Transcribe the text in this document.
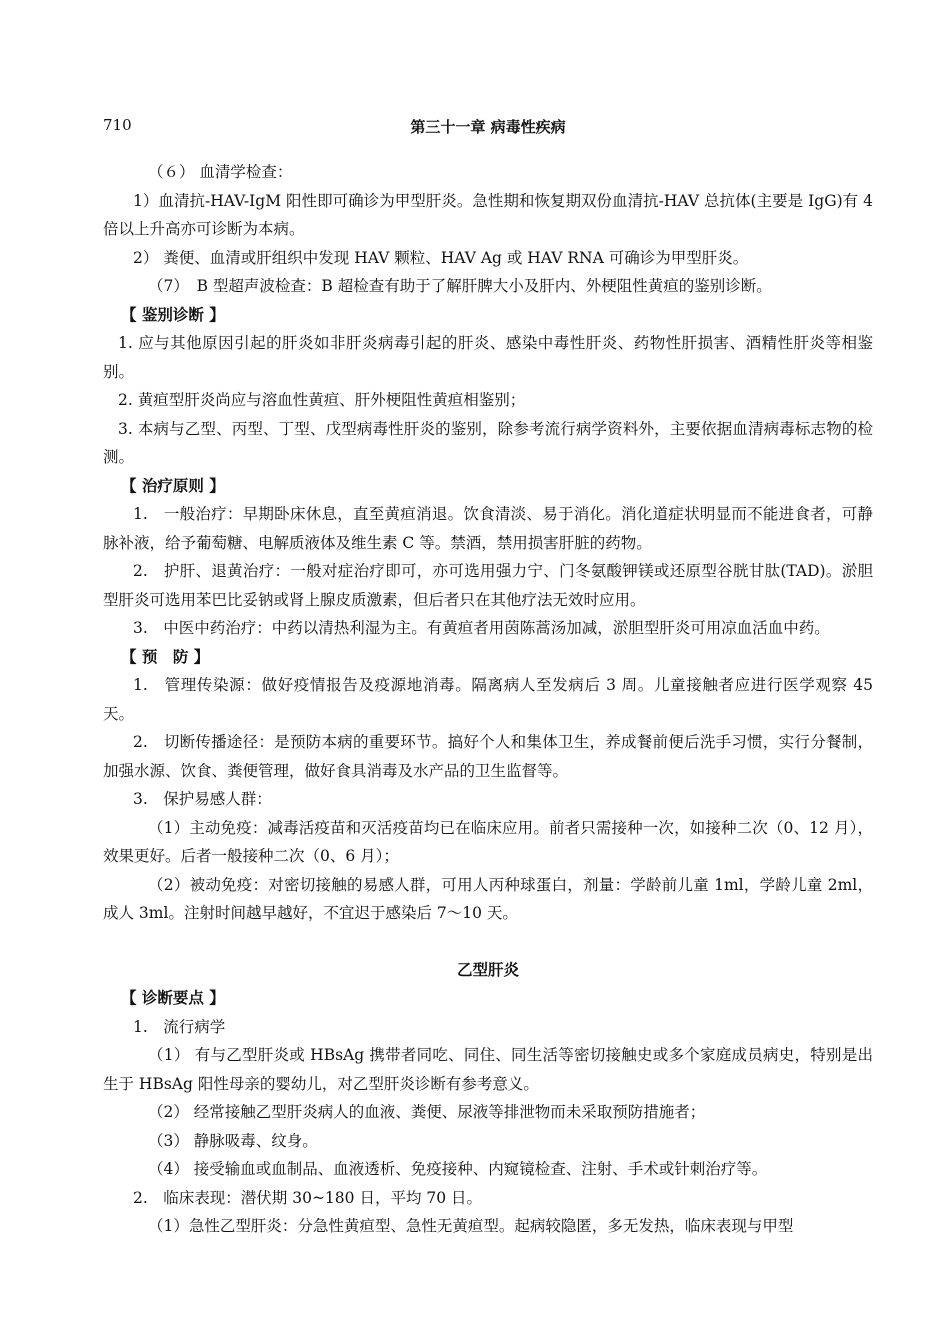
710	第三十一章 病毒性疾病

（６） 血清学检查：

1）血清抗-HAV-IgM 阳性即可确诊为甲型肝炎。急性期和恢复期双份血清抗-HAV 总抗体(主要是 IgG)有 4 倍以上升高亦可诊断为本病。

2） 粪便、血清或肝组织中发现 HAV 颗粒、HAV Ag 或 HAV RNA 可确诊为甲型肝炎。

（7）　B 型超声波检查：B 超检查有助于了解肝脾大小及肝内、外梗阻性黄疸的鉴别诊断。

【 鉴别诊断 】

1. 应与其他原因引起的肝炎如非肝炎病毒引起的肝炎、感染中毒性肝炎、药物性肝损害、酒精性肝炎等相鉴别。

2. 黄疸型肝炎尚应与溶血性黄疸、肝外梗阻性黄疸相鉴别；

3. 本病与乙型、丙型、丁型、戊型病毒性肝炎的鉴别，除参考流行病学资料外，主要依据血清病毒标志物的检测。

【 治疗原则 】

1.　一般治疗：早期卧床休息，直至黄疸消退。饮食清淡、易于消化。消化道症状明显而不能进食者，可静脉补液，给予葡萄糖、电解质液体及维生素 C 等。禁酒，禁用损害肝脏的药物。

2.　护肝、退黄治疗：一般对症治疗即可，亦可选用强力宁、门冬氨酸钾镁或还原型谷胱甘肽(TAD)。淤胆型肝炎可选用苯巴比妥钠或肾上腺皮质激素，但后者只在其他疗法无效时应用。

3.　中医中药治疗：中药以清热利湿为主。有黄疸者用茵陈蒿汤加减，淤胆型肝炎可用凉血活血中药。

【 预　防 】

1.　管理传染源：做好疫情报告及疫源地消毒。隔离病人至发病后 3 周。儿童接触者应进行医学观察 45 天。

2.　切断传播途径：是预防本病的重要环节。搞好个人和集体卫生，养成餐前便后洗手习惯，实行分餐制，加强水源、饮食、粪便管理，做好食具消毒及水产品的卫生监督等。

3.　保护易感人群：

（1）主动免疫：减毒活疫苗和灭活疫苗均已在临床应用。前者只需接种一次，如接种二次（0、12 月），效果更好。后者一般接种二次（0、6 月）；

（2）被动免疫：对密切接触的易感人群，可用人丙种球蛋白，剂量：学龄前儿童 1ml，学龄儿童 2ml，成人 3ml。注射时间越早越好，不宜迟于感染后 7～10 天。

乙型肝炎

【 诊断要点 】

1.　流行病学

（1） 有与乙型肝炎或 HBsAg 携带者同吃、同住、同生活等密切接触史或多个家庭成员病史，特别是出生于 HBsAg 阳性母亲的婴幼儿，对乙型肝炎诊断有参考意义。

（2） 经常接触乙型肝炎病人的血液、粪便、尿液等排泄物而未采取预防措施者；

（3） 静脉吸毒、纹身。

（4） 接受输血或血制品、血液透析、免疫接种、内窥镜检查、注射、手术或针刺治疗等。

2.　临床表现：潜伏期 30~180 日，平均 70 日。

（1）急性乙型肝炎：分急性黄疸型、急性无黄疸型。起病较隐匿，多无发热，临床表现与甲型
